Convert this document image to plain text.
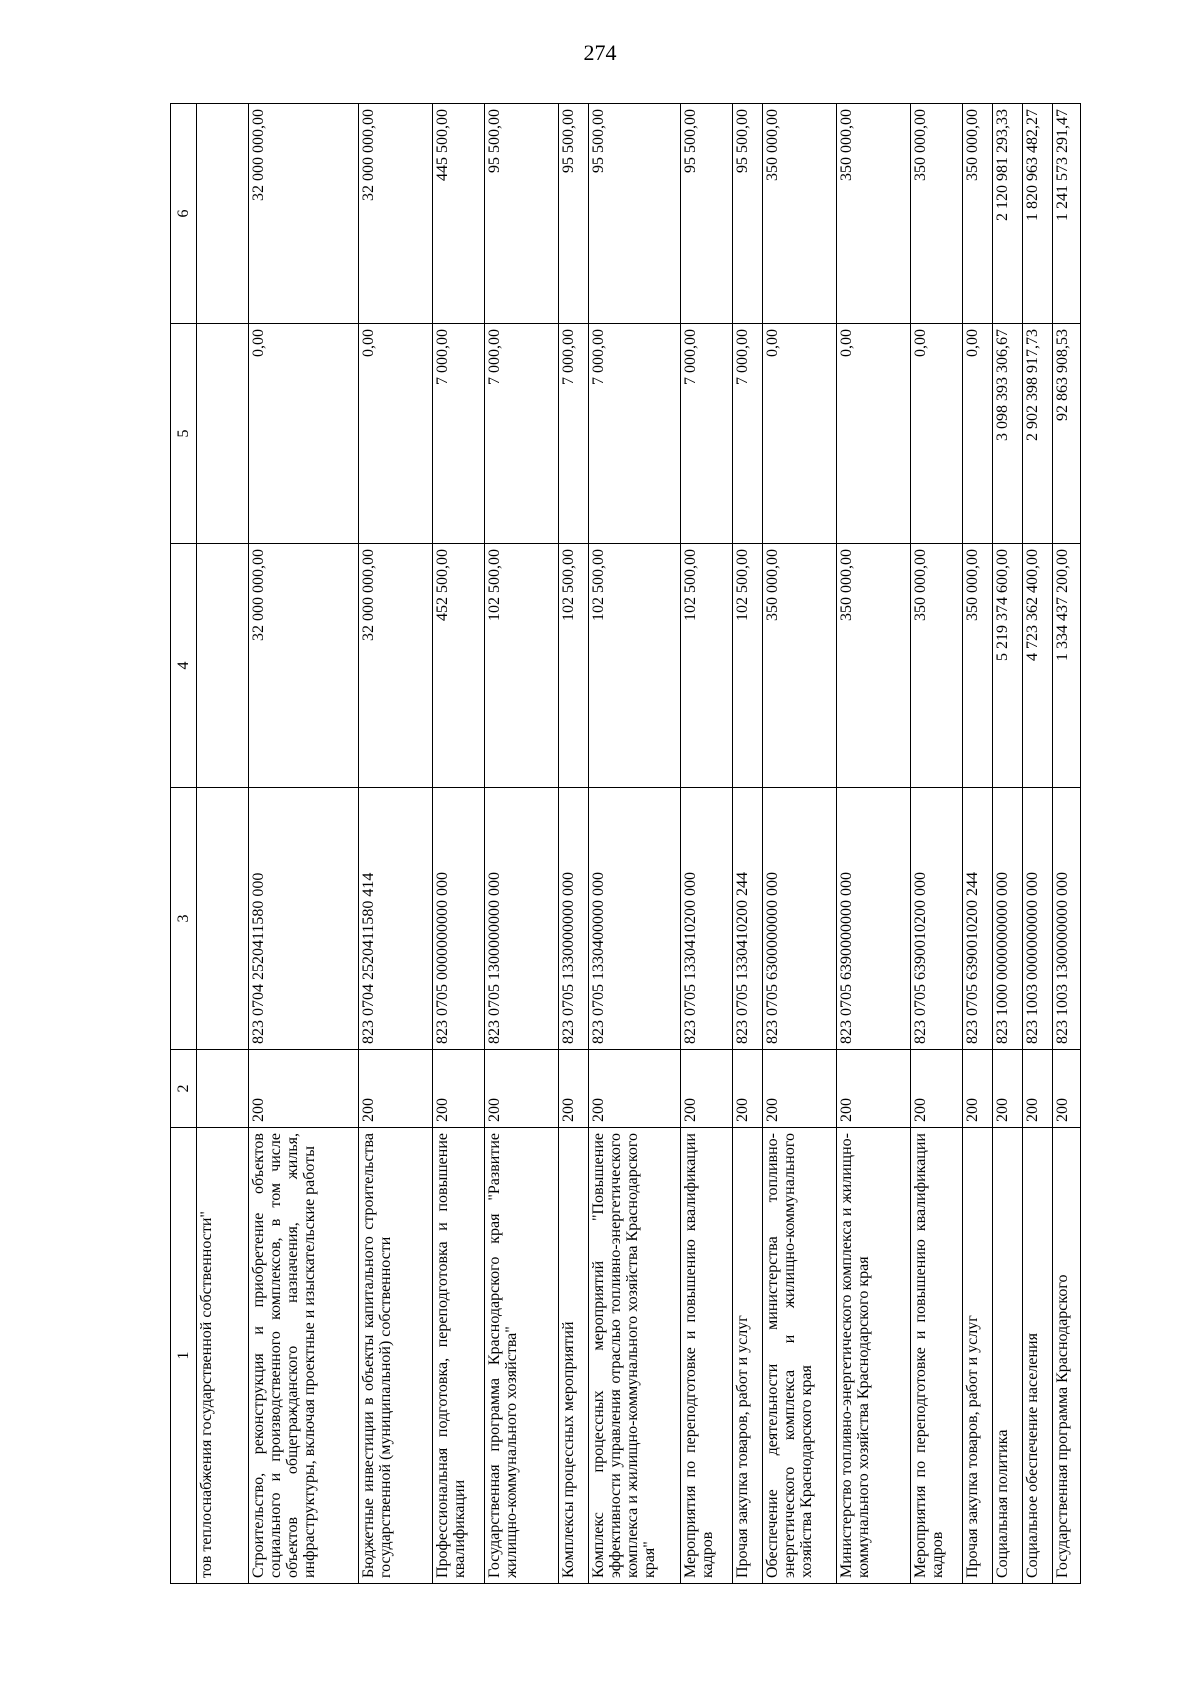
274
1	2	3	4	5	6
тов теплоснабжения государственной собственности"					
Строительство, реконструкция и приобретение объектов социального и производственного комплексов, в том числе объектов общегражданского назначения, жилья, инфраструктуры, включая проектные и изыскательские работы	200	823 0704 2520411580 000	32 000 000,00	0,00	32 000 000,00
Бюджетные инвестиции в объекты капитального строительства государственной (муниципальной) собственности	200	823 0704 2520411580 414	32 000 000,00	0,00	32 000 000,00
Профессиональная подготовка, переподготовка и повышение квалификации	200	823 0705 0000000000 000	452 500,00	7 000,00	445 500,00
Государственная программа Краснодарского края "Развитие жилищно-коммунального хозяйства"	200	823 0705 1300000000 000	102 500,00	7 000,00	95 500,00
Комплексы процессных мероприятий	200	823 0705 1330000000 000	102 500,00	7 000,00	95 500,00
Комплекс процессных мероприятий "Повышение эффективности управления отраслью топливно-энергетического комплекса и жилищно-коммунального хозяйства Краснодарского края"	200	823 0705 1330400000 000	102 500,00	7 000,00	95 500,00
Мероприятия по переподготовке и повышению квалификации кадров	200	823 0705 1330410200 000	102 500,00	7 000,00	95 500,00
Прочая закупка товаров, работ и услуг	200	823 0705 1330410200 244	102 500,00	7 000,00	95 500,00
Обеспечение деятельности министерства топливно-энергетического комплекса и жилищно-коммунального хозяйства Краснодарского края	200	823 0705 6300000000 000	350 000,00	0,00	350 000,00
Министерство топливно-энергетического комплекса и жилищно-коммунального хозяйства Краснодарского края	200	823 0705 6390000000 000	350 000,00	0,00	350 000,00
Мероприятия по переподготовке и повышению квалификации кадров	200	823 0705 6390010200 000	350 000,00	0,00	350 000,00
Прочая закупка товаров, работ и услуг	200	823 0705 6390010200 244	350 000,00	0,00	350 000,00
Социальная политика	200	823 1000 0000000000 000	5 219 374 600,00	3 098 393 306,67	2 120 981 293,33
Социальное обеспечение населения	200	823 1003 0000000000 000	4 723 362 400,00	2 902 398 917,73	1 820 963 482,27
Государственная программа Краснодарского	200	823 1003 1300000000 000	1 334 437 200,00	92 863 908,53	1 241 573 291,47
